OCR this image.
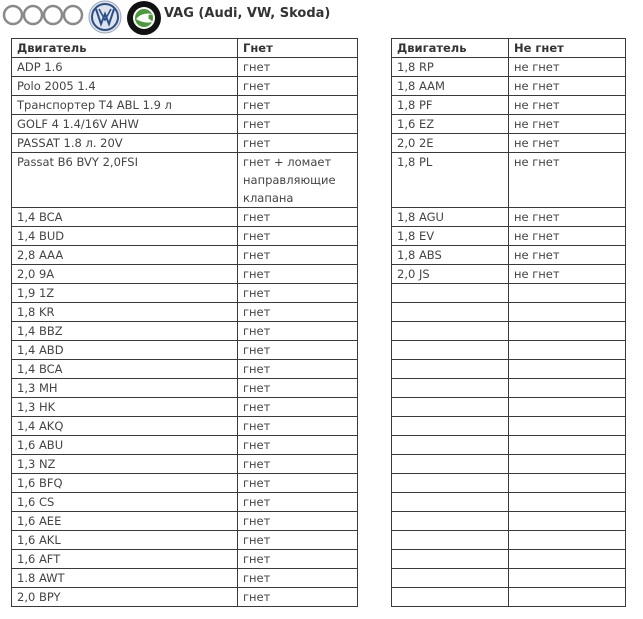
VAG (Audi, VW, Skoda)
Двигатель	Гнет
ADP 1.6	гнет
Polo 2005 1.4	гнет
Транспортер T4 ABL 1.9 л	гнет
GOLF 4 1.4/16V AHW	гнет
PASSAT 1.8 л. 20V	гнет
Passat B6 BVY 2,0FSI	гнет + ломает направляющие клапана
1,4 BCA	гнет
1,4 BUD	гнет
2,8 AAA	гнет
2,0 9A	гнет
1,9 1Z	гнет
1,8 KR	гнет
1,4 BBZ	гнет
1,4 ABD	гнет
1,4 BCA	гнет
1,3 MH	гнет
1,3 HK	гнет
1,4 AKQ	гнет
1,6 ABU	гнет
1,3 NZ	гнет
1,6 BFQ	гнет
1,6 CS	гнет
1,6 AEE	гнет
1,6 AKL	гнет
1,6 AFT	гнет
1.8 AWT	гнет
2,0 BPY	гнет
Двигатель	Не гнет
1,8 RP	не гнет
1,8 AAM	не гнет
1,8 PF	не гнет
1,6 EZ	не гнет
2,0 2E	не гнет
1,8 PL	не гнет
1,8 AGU	не гнет
1,8 EV	не гнет
1,8 ABS	не гнет
2,0 JS	не гнет
